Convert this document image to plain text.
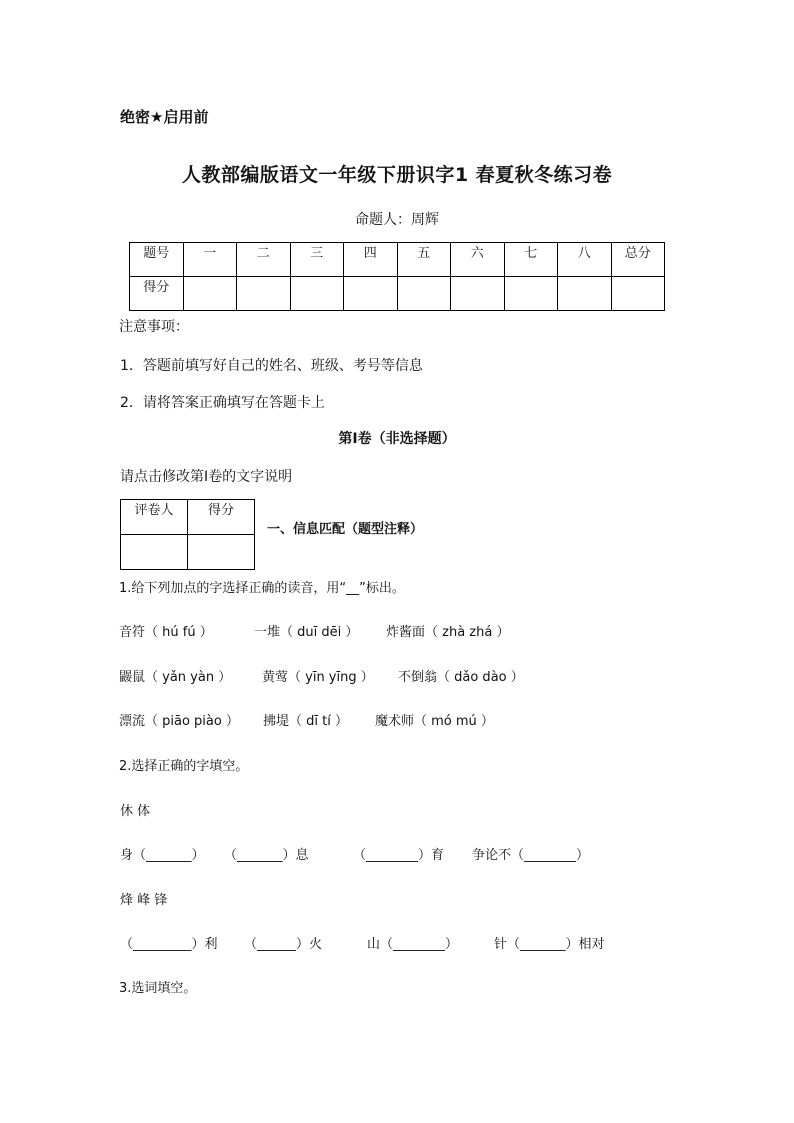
绝密★启用前
人教部编版语文一年级下册识字1 春夏秋冬练习卷
命题人：周辉
题号	一	二	三	四	五	六	七	八	总分
得分									
注意事项：
1．答题前填写好自己的姓名、班级、考号等信息
2．请将答案正确填写在答题卡上
第I卷（非选择题）
请点击修改第I卷的文字说明
评卷人	得分

一、信息匹配（题型注释）
1.给下列加点的字选择正确的读音，用“__”标出。
音符（ hú fú ）	一堆（ duī dēi ） 炸酱面（ zhà zhá ）
鼹鼠（ yǎn yàn ） 黄莺（ yīn yīng ） 不倒翁（ dǎo dào ）
漂流（ piāo piào ） 拂堤（ dī tí ） 魔术师（ mó mú ）
2.选择正确的字填空。
休 体
身（_______） （_______）息	（________）育 争论不（________）
烽 峰 锋
（_________）利 （______）火	山（________）	针（_______）相对
3.选词填空。
